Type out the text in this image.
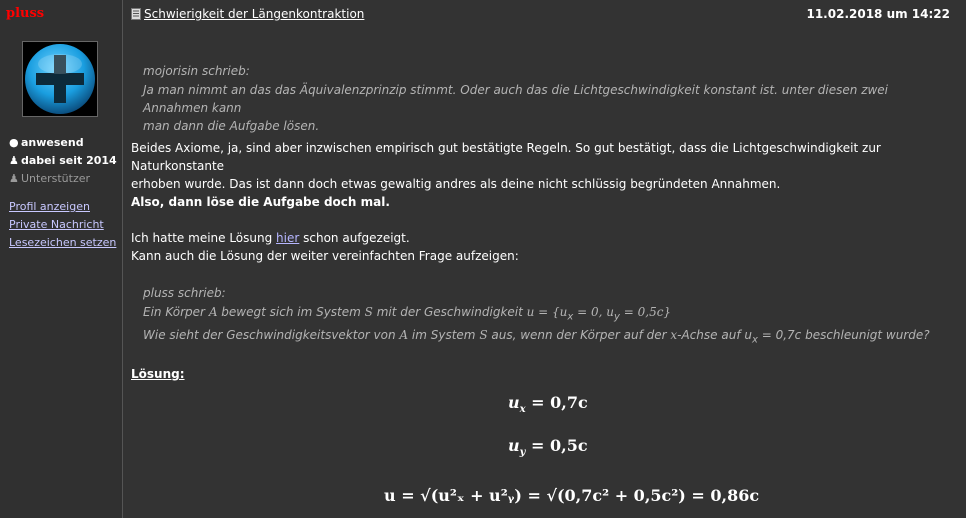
pluss
● anwesend
♟ dabei seit 2014
♟ Unterstützer
Profil anzeigen
Private Nachricht
Lesezeichen setzen
Schwierigkeit der Längenkontraktion	11.02.2018 um 14:22
mojorisin schrieb:
Ja man nimmt an das das Äquivalenzprinzip stimmt. Oder auch das die Lichtgeschwindigkeit konstant ist. unter diesen zwei Annahmen kann
man dann die Aufgabe lösen.
Beides Axiome, ja, sind aber inzwischen empirisch gut bestätigte Regeln. So gut bestätigt, dass die Lichtgeschwindigkeit zur Naturkonstante
erhoben wurde. Das ist dann doch etwas gewaltig andres als deine nicht schlüssig begründeten Annahmen.
Also, dann löse die Aufgabe doch mal.
Ich hatte meine Lösung hier schon aufgezeigt.
Kann auch die Lösung der weiter vereinfachten Frage aufzeigen:
pluss schrieb:
Ein Körper A bewegt sich im System S mit der Geschwindigkeit $u = \{u_x = 0$, $u_y = 0,5c$}
Wie sieht der Geschwindigkeitsvektor von A im System S aus, wenn der Körper auf der x-Achse auf $u_x = 0,7c$ beschleunigt wurde?
Lösung:
$u_x = 0,7c$
$u_y = 0,5c$
u = √(u²ₓ + u²ᵧ) = √(0,7c² + 0,5c²) = 0,86c
